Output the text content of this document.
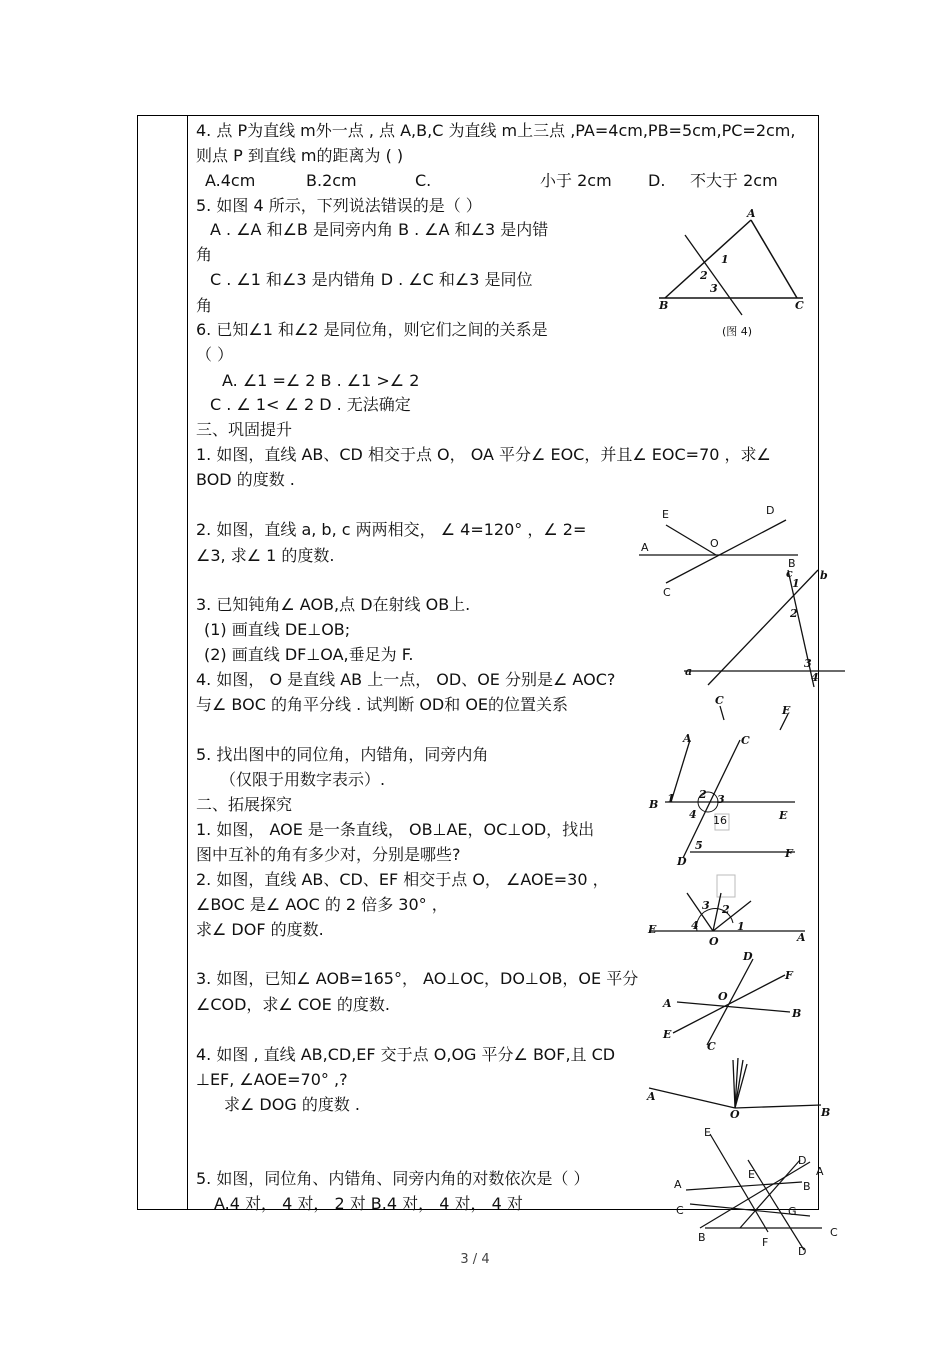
4. 点 P为直线 m外一点 , 点 A,B,C 为直线 m上三点 ,PA=4cm,PB=5cm,PC=2cm,
则点 P 到直线 m的距离为 ( )
A.4cm	B.2cm	C.	小于 2cm D. 不大于 2cm
5. 如图 4 所示，下列说法错误的是（ ）
A . ∠A 和∠B 是同旁内角 B . ∠A 和∠3 是内错
角
C . ∠1 和∠3 是内错角 D . ∠C 和∠3 是同位
角
6. 已知∠1 和∠2 是同位角，则它们之间的关系是
（ ）
A. ∠1 =∠ 2 B . ∠1 >∠ 2
C . ∠ 1< ∠ 2 D . 无法确定
三、巩固提升
1. 如图，直线 AB、CD 相交于点 O， OA 平分∠ EOC，并且∠ EOC=70 ，求∠
BOD 的度数 .
2. 如图，直线 a, b, c 两两相交， ∠ 4=120° ，∠ 2=
∠3, 求∠ 1 的度数.
3. 已知钝角∠ AOB,点 D在射线 OB上.
(1) 画直线 DE⊥OB;
(2) 画直线 DF⊥OA,垂足为 F.
4. 如图， O 是直线 AB 上一点， OD、OE 分别是∠ AOC?
与∠ BOC 的角平分线 . 试判断 OD和 OE的位置关系
5. 找出图中的同位角，内错角，同旁内角
（仅限于用数字表示）.
二、拓展探究
1. 如图， AOE 是一条直线， OB⊥AE，OC⊥OD，找出
图中互补的角有多少对，分别是哪些?
2. 如图，直线 AB、CD、EF 相交于点 O， ∠AOE=30 ，
∠BOC 是∠ AOC 的 2 倍多 30° ，
求∠ DOF 的度数.
3. 如图，已知∠ AOB=165°， AO⊥OC，DO⊥OB，OE 平分
∠COD，求∠ COE 的度数.
4. 如图 , 直线 AB,CD,EF 交于点 O,OG 平分∠ BOF,且 CD
⊥EF, ∠AOE=70° ,?
求∠ DOG 的度数 .
5. 如图，同位角、内错角、同旁内角的对数依次是（ ）
A.4 对， 4 对， 2 对 B.4 对， 4 对， 4 对
A
1
2
3
B	C
(图 4)
E	D
O
A
B
C
c b
1
2
3
4
a
C
E
A	C
B 1 2 3
4 16	E
5
F
D
3 2
4	1
E
O	A
D
F
A
O
B
E
C
A
O	B
E
D
A
A	B
G
C
C
B	F
D
E
3 / 4
